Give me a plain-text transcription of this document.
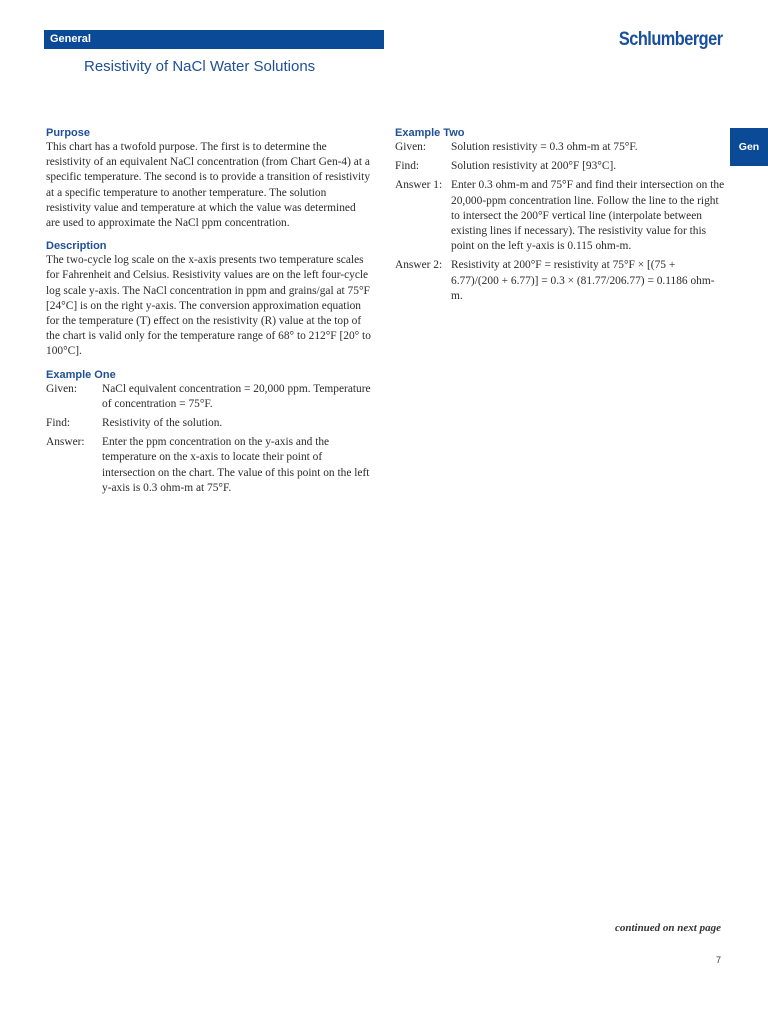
General	Schlumberger
Resistivity of NaCl Water Solutions
Gen
Purpose

This chart has a twofold purpose. The first is to determine the resistivity of an equivalent NaCl concentration (from Chart Gen-4) at a specific temperature. The second is to provide a transition of resistivity at a specific temperature to another temperature. The solution resistivity value and temperature at which the value was determined are used to approximate the NaCl ppm concentration.

Description

The two-cycle log scale on the x-axis presents two temperature scales for Fahrenheit and Celsius. Resistivity values are on the left four-cycle log scale y-axis. The NaCl concentration in ppm and grains/gal at 75°F [24°C] is on the right y-axis. The conversion approximation equation for the temperature (T) effect on the resistivity (R) value at the top of the chart is valid only for the temperature range of 68° to 212°F [20° to 100°C].

Example One
Given:	NaCl equivalent concentration = 20,000 ppm. Temperature of concentration = 75°F.
Find:	Resistivity of the solution.
Answer:	Enter the ppm concentration on the y-axis and the temperature on the x-axis to locate their point of intersection on the chart. The value of this point on the left y-axis is 0.3 ohm-m at 75°F.
Example Two
Given:	Solution resistivity = 0.3 ohm-m at 75°F.
Find:	Solution resistivity at 200°F [93°C].
Answer 1: Enter 0.3 ohm-m and 75°F and find their intersection on the 20,000-ppm concentration line. Follow the line to the right to intersect the 200°F vertical line (interpolate between existing lines if necessary). The resistivity value for this point on the left y-axis is 0.115 ohm-m.
Answer 2: Resistivity at 200°F = resistivity at 75°F × [(75 + 6.77)/(200 + 6.77)] = 0.3 × (81.77/206.77) = 0.1186 ohm-m.
continued on next page
7
